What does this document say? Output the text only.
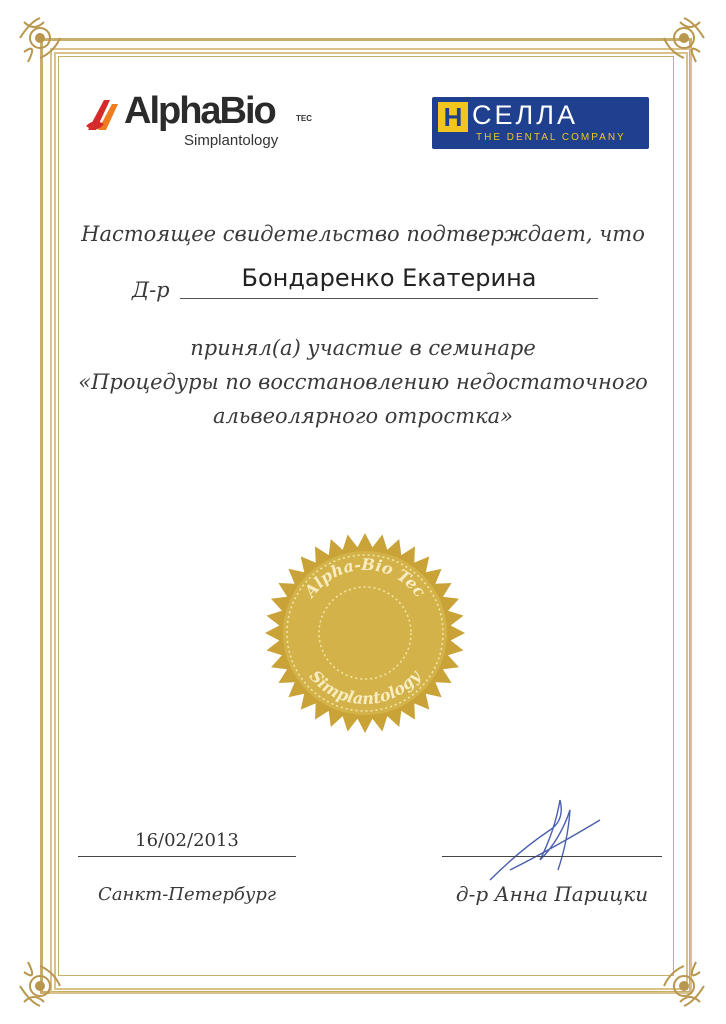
AlphaBio	TEC
Simplantology
H СЕЛЛА
THE DENTAL COMPANY
Настоящее свидетельство подтверждает, что
Д-р	Бондаренко Екатерина
принял(а) участие в семинаре
«Процедуры по восстановлению недостаточного
альвеолярного отростка»
Alpha-Bio Tec
Simplantology
16/02/2013
Санкт-Петербург	д-р Анна Парицки
